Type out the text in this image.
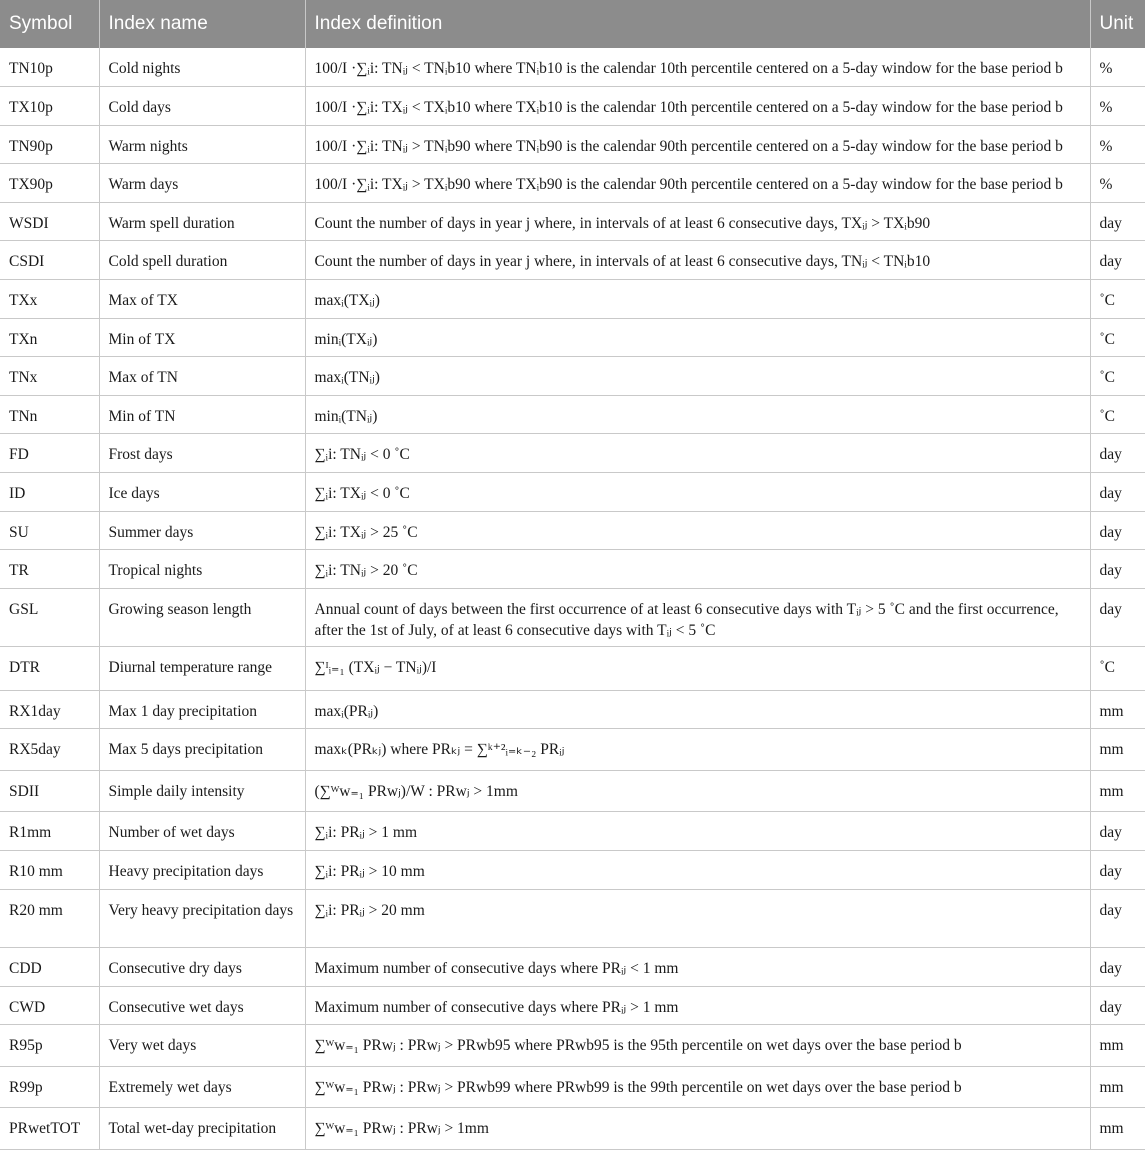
Symbol	Index name	Index definition	Unit
TN10p	Cold nights	100/I ·∑ᵢi: TNᵢⱼ < TNᵢb10 where TNᵢb10 is the calendar 10th percentile centered on a 5-day window for the base period b	%
TX10p	Cold days	100/I ·∑ᵢi: TXᵢⱼ < TXᵢb10 where TXᵢb10 is the calendar 10th percentile centered on a 5-day window for the base period b	%
TN90p	Warm nights	100/I ·∑ᵢi: TNᵢⱼ > TNᵢb90 where TNᵢb90 is the calendar 90th percentile centered on a 5-day window for the base period b	%
TX90p	Warm days	100/I ·∑ᵢi: TXᵢⱼ > TXᵢb90 where TXᵢb90 is the calendar 90th percentile centered on a 5-day window for the base period b	%
WSDI	Warm spell duration	Count the number of days in year j where, in intervals of at least 6 consecutive days, TXᵢⱼ > TXᵢb90	day
CSDI	Cold spell duration	Count the number of days in year j where, in intervals of at least 6 consecutive days, TNᵢⱼ < TNᵢb10	day
TXx	Max of TX	maxᵢ(TXᵢⱼ)	˚C
TXn	Min of TX	minᵢ(TXᵢⱼ)	˚C
TNx	Max of TN	maxᵢ(TNᵢⱼ)	˚C
TNn	Min of TN	minᵢ(TNᵢⱼ)	˚C
FD	Frost days	∑ᵢi: TNᵢⱼ < 0 ˚C	day
ID	Ice days	∑ᵢi: TXᵢⱼ < 0 ˚C	day
SU	Summer days	∑ᵢi: TXᵢⱼ > 25 ˚C	day
TR	Tropical nights	∑ᵢi: TNᵢⱼ > 20 ˚C	day
GSL	Growing season length	Annual count of days between the first occurrence of at least 6 consecutive days with Tᵢⱼ > 5 ˚C and the first occurrence, after the 1st of July, of at least 6 consecutive days with Tᵢⱼ < 5 ˚C	day
DTR	Diurnal temperature range	∑ᴵᵢ₌₁ (TXᵢⱼ − TNᵢⱼ)/I	˚C
RX1day	Max 1 day precipitation	maxᵢ(PRᵢⱼ)	mm
RX5day	Max 5 days precipitation	maxₖ(PRₖⱼ) where PRₖⱼ = ∑ᵏ⁺²ᵢ₌ₖ₋₂ PRᵢⱼ	mm
SDII	Simple daily intensity	(∑ᵂw₌₁ PRwⱼ)/W : PRwⱼ > 1mm	mm
R1mm	Number of wet days	∑ᵢi: PRᵢⱼ > 1 mm	day
R10 mm	Heavy precipitation days	∑ᵢi: PRᵢⱼ > 10 mm	day
R20 mm	Very heavy precipitation days	∑ᵢi: PRᵢⱼ > 20 mm	day
CDD	Consecutive dry days	Maximum number of consecutive days where PRᵢⱼ < 1 mm	day
CWD	Consecutive wet days	Maximum number of consecutive days where PRᵢⱼ > 1 mm	day
R95p	Very wet days	∑ᵂw₌₁ PRwⱼ : PRwⱼ > PRwb95 where PRwb95 is the 95th percentile on wet days over the base period b	mm
R99p	Extremely wet days	∑ᵂw₌₁ PRwⱼ : PRwⱼ > PRwb99 where PRwb99 is the 99th percentile on wet days over the base period b	mm
PRwetTOT	Total wet-day precipitation	∑ᵂw₌₁ PRwⱼ : PRwⱼ > 1mm	mm
